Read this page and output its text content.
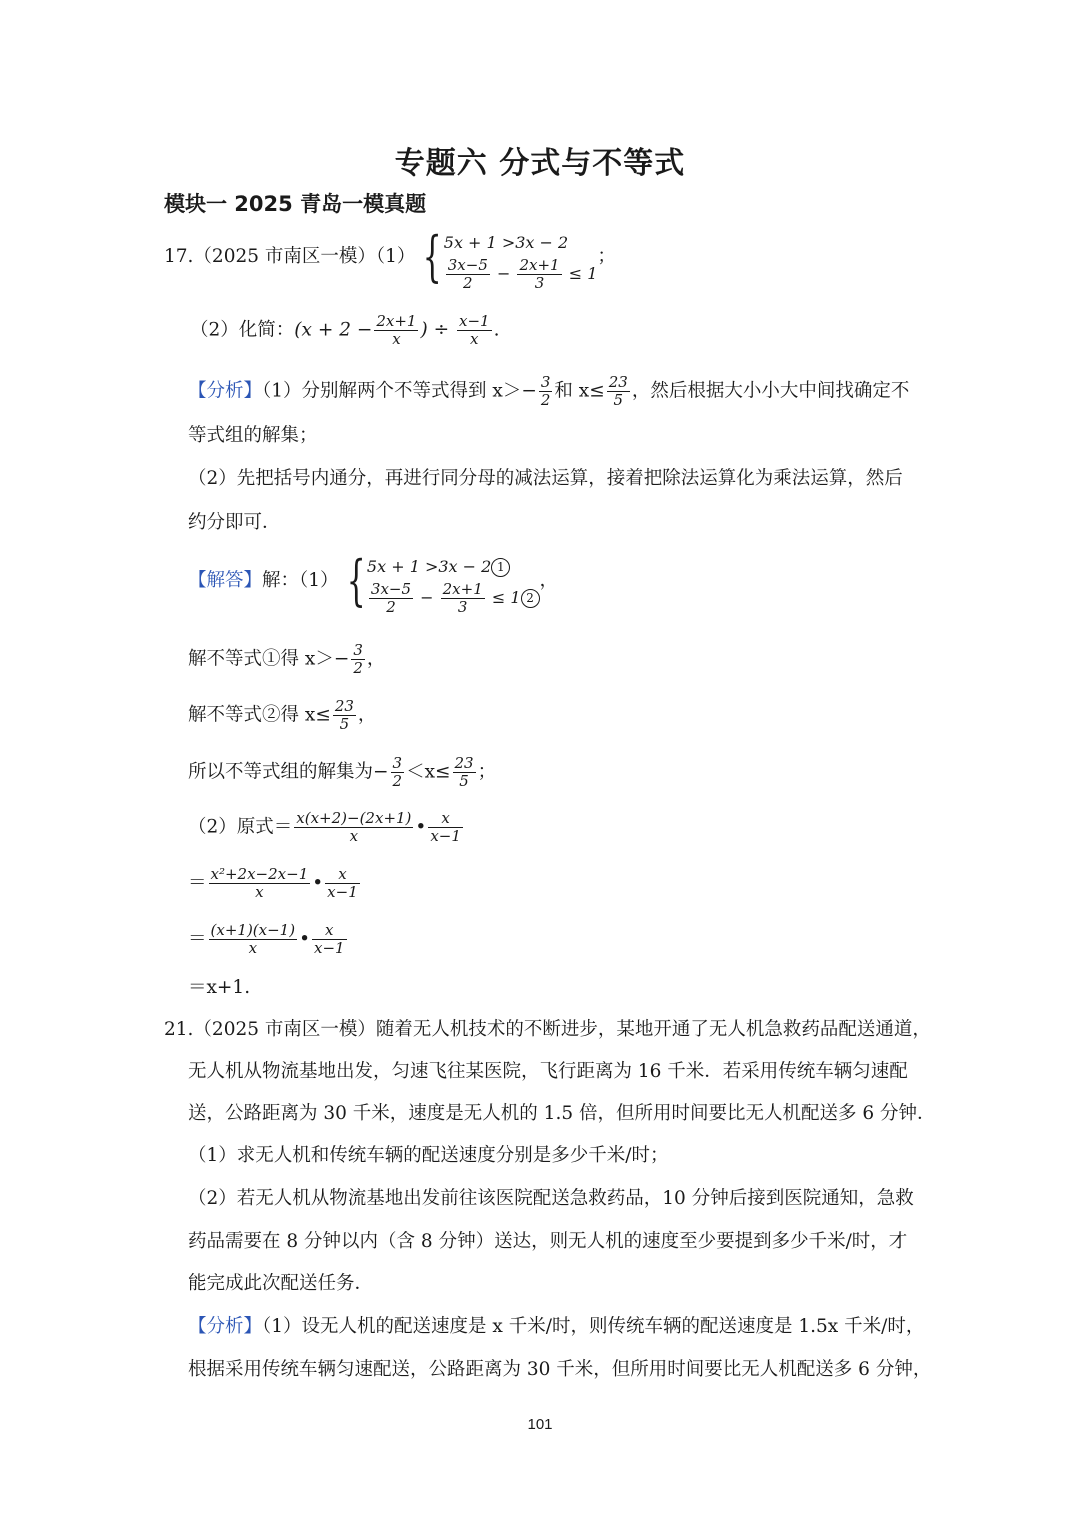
专题六 分式与不等式
模块一 2025 青岛一模真题
17.（2025 市南区一模）（1） { 5x + 1 >3x − 2
$\frac{3x-5}{2} - \frac{2x+1}{3} \le 1$
；
（2）化简：($x + 2 - \frac{2x+1}{x}$ ) ÷ $\frac{x-1}{x}$ .
【分析】（1）分别解两个不等式得到 $x>- \frac{3}{2}$ 和 $x\le \frac{23}{5}$ ，然后根据大小小大中间找确定不
等式组的解集；
（2）先把括号内通分，再进行同分母的减法运算，接着把除法运算化为乘法运算，然后
约分即可．
【解答】解：（1） { 5x + 1 >3x − 2 1
$\frac{3x-5}{2} - \frac{2x+1}{3} \le 1$ 2
，
解不等式①得 $x>- \frac{3}{2}$ ，
解不等式②得 $x\le \frac{23}{5}$ ，
所以不等式组的解集为− $\frac{3}{2} <x\le \frac{23}{5}$ ；
（2）原式＝ $\frac{x(x+2)-(2x+1)}{x}$ • $\frac{x}{x-1}$
＝ $\frac{\text{x²+2x−2x−1}}{x}$ • $\frac{x}{x-1}$
＝ $\frac{(x+1)(x-1)}{x}$ • $\frac{x}{x-1}$
＝x+1.
21.（2025 市南区一模）随着无人机技术的不断进步，某地开通了无人机急救药品配送通道，
无人机从物流基地出发，匀速飞往某医院，飞行距离为 16 千米．若采用传统车辆匀速配
送，公路距离为 30 千米，速度是无人机的 1.5 倍，但所用时间要比无人机配送多 6 分钟．
（1）求无人机和传统车辆的配送速度分别是多少千米/时；
（2）若无人机从物流基地出发前往该医院配送急救药品，10 分钟后接到医院通知，急救
药品需要在 8 分钟以内（含 8 分钟）送达，则无人机的速度至少要提到多少千米/时，才
能完成此次配送任务．
【分析】（1）设无人机的配送速度是 x 千米/时，则传统车辆的配送速度是 1.5x 千米/时，
根据采用传统车辆匀速配送，公路距离为 30 千米，但所用时间要比无人机配送多 6 分钟，
101
